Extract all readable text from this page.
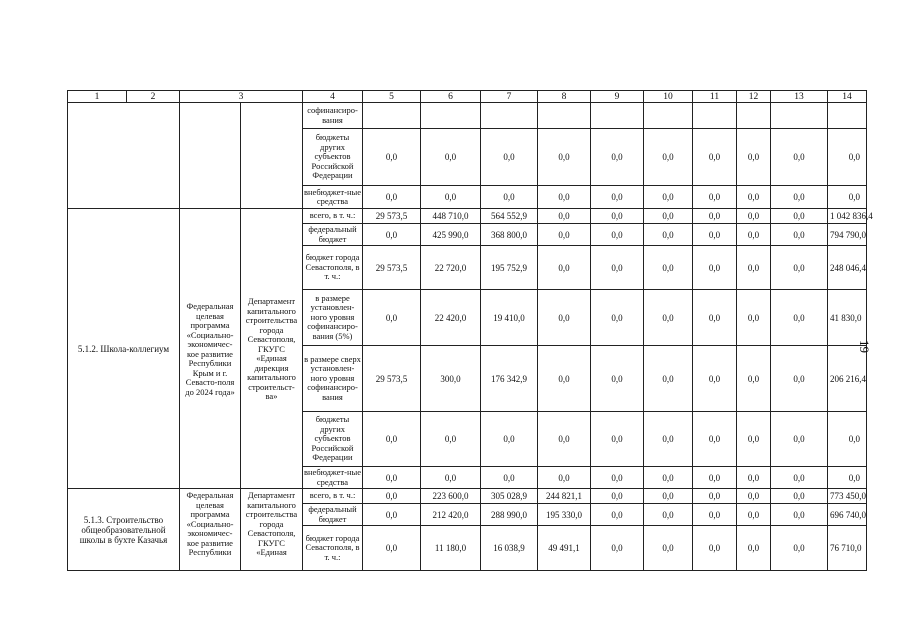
1	2	3		4	5	6	7	8	9	10	11	12	13	14
				софинансиро-вания										
				бюджеты других субъектов Российской Федерации	0,0	0,0	0,0	0,0	0,0	0,0	0,0	0,0	0,0	0,0
				внебюджет-ные средства	0,0	0,0	0,0	0,0	0,0	0,0	0,0	0,0	0,0	0,0
5.1.2. Школа-коллегиум		Федеральная целевая программа «Социально-экономичес-кое развитие Республики Крым и г. Севасто-поля до 2024 года»	Департамент капитального строительства города Севастополя, ГКУГС «Единая дирекция капитального строительст-ва»	всего, в т. ч.:	29 573,5	448 710,0	564 552,9	0,0	0,0	0,0	0,0	0,0	0,0	1 042 836,4
				федеральный бюджет	0,0	425 990,0	368 800,0	0,0	0,0	0,0	0,0	0,0	0,0	794 790,0
				бюджет города Севастополя, в т. ч.:	29 573,5	22 720,0	195 752,9	0,0	0,0	0,0	0,0	0,0	0,0	248 046,4
				в размере установлен-ного уровня софинансиро-вания (5%)	0,0	22 420,0	19 410,0	0,0	0,0	0,0	0,0	0,0	0,0	41 830,0
				в размере сверх установлен-ного уровня софинансиро-вания	29 573,5	300,0	176 342,9	0,0	0,0	0,0	0,0	0,0	0,0	206 216,4
				бюджеты других субъектов Российской Федерации	0,0	0,0	0,0	0,0	0,0	0,0	0,0	0,0	0,0	0,0
				внебюджет-ные средства	0,0	0,0	0,0	0,0	0,0	0,0	0,0	0,0	0,0	0,0
5.1.3. Строительство общеобразовательной школы в бухте Казачья		Федеральная целевая программа «Социально-экономичес-кое развитие Республики	Департамент капитального строительства города Севастополя, ГКУГС «Единая	всего, в т. ч.:	0,0	223 600,0	305 028,9	244 821,1	0,0	0,0	0,0	0,0	0,0	773 450,0
				федеральный бюджет	0,0	212 420,0	288 990,0	195 330,0	0,0	0,0	0,0	0,0	0,0	696 740,0
				бюджет города Севастополя, в т. ч.:	0,0	11 180,0	16 038,9	49 491,1	0,0	0,0	0,0	0,0	0,0	76 710,0
19
